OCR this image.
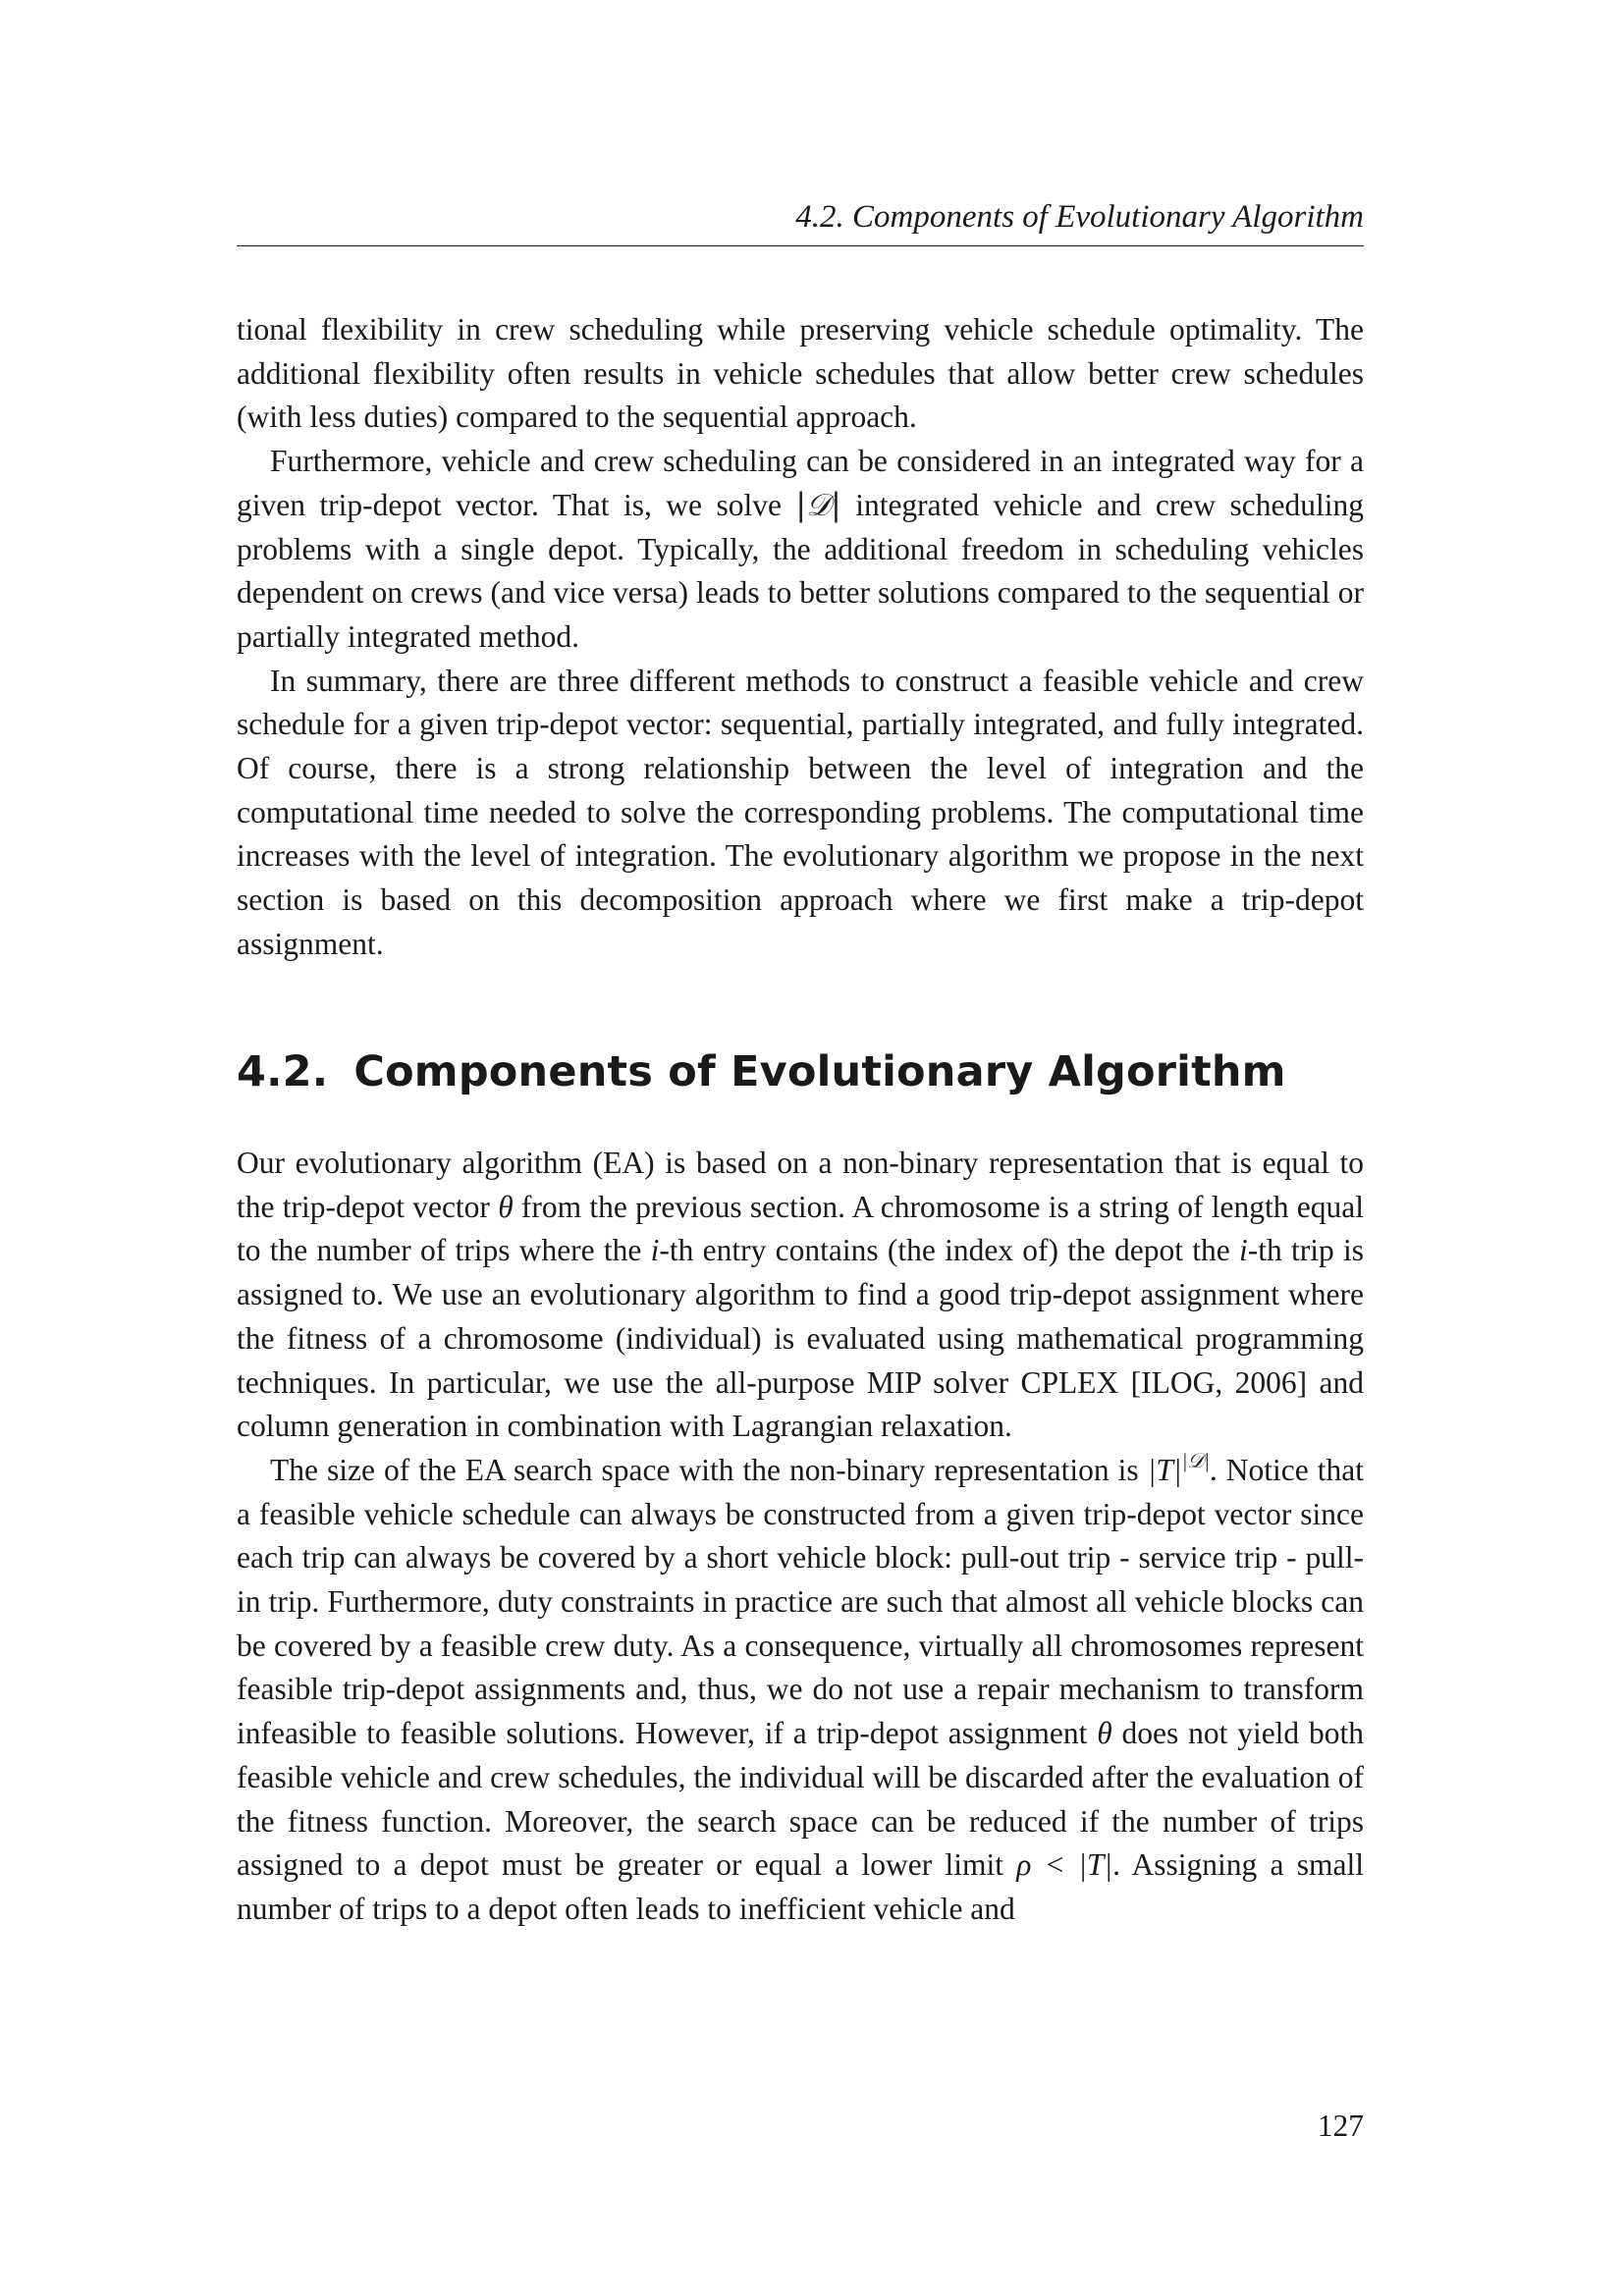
4.2. Components of Evolutionary Algorithm

tional flexibility in crew scheduling while preserving vehicle schedule optimality. The additional flexibility often results in vehicle schedules that allow better crew schedules (with less duties) compared to the sequential approach.

Furthermore, vehicle and crew scheduling can be considered in an integrated way for a given trip-depot vector. That is, we solve |𝒟| integrated vehicle and crew scheduling problems with a single depot. Typically, the additional freedom in scheduling vehicles dependent on crews (and vice versa) leads to better solutions compared to the sequential or partially integrated method.

In summary, there are three different methods to construct a feasible vehicle and crew schedule for a given trip-depot vector: sequential, partially integrated, and fully integrated. Of course, there is a strong relationship between the level of integration and the computational time needed to solve the corresponding problems. The computational time increases with the level of integration. The evolutionary algorithm we propose in the next section is based on this decomposition approach where we first make a trip-depot assignment.

4.2. Components of Evolutionary Algorithm

Our evolutionary algorithm (EA) is based on a non-binary representation that is equal to the trip-depot vector θ from the previous section. A chromosome is a string of length equal to the number of trips where the i-th entry contains (the index of) the depot the i-th trip is assigned to. We use an evolutionary algorithm to find a good trip-depot assignment where the fitness of a chromosome (individual) is evaluated using mathematical programming techniques. In particular, we use the all-purpose MIP solver CPLEX [ILOG, 2006] and column generation in combination with Lagrangian relaxation.

The size of the EA search space with the non-binary representation is $|T|^{|𝒟|}$. Notice that a feasible vehicle schedule can always be constructed from a given trip-depot vector since each trip can always be covered by a short vehicle block: pull-out trip - service trip - pull-in trip. Furthermore, duty constraints in practice are such that almost all vehicle blocks can be covered by a feasible crew duty. As a consequence, virtually all chromosomes represent feasible trip-depot assignments and, thus, we do not use a repair mechanism to transform infeasible to feasible solutions. However, if a trip-depot assignment θ does not yield both feasible vehicle and crew schedules, the individual will be discarded after the evaluation of the fitness function. Moreover, the search space can be reduced if the number of trips assigned to a depot must be greater or equal a lower limit ρ < |T|. Assigning a small number of trips to a depot often leads to inefficient vehicle and

127
